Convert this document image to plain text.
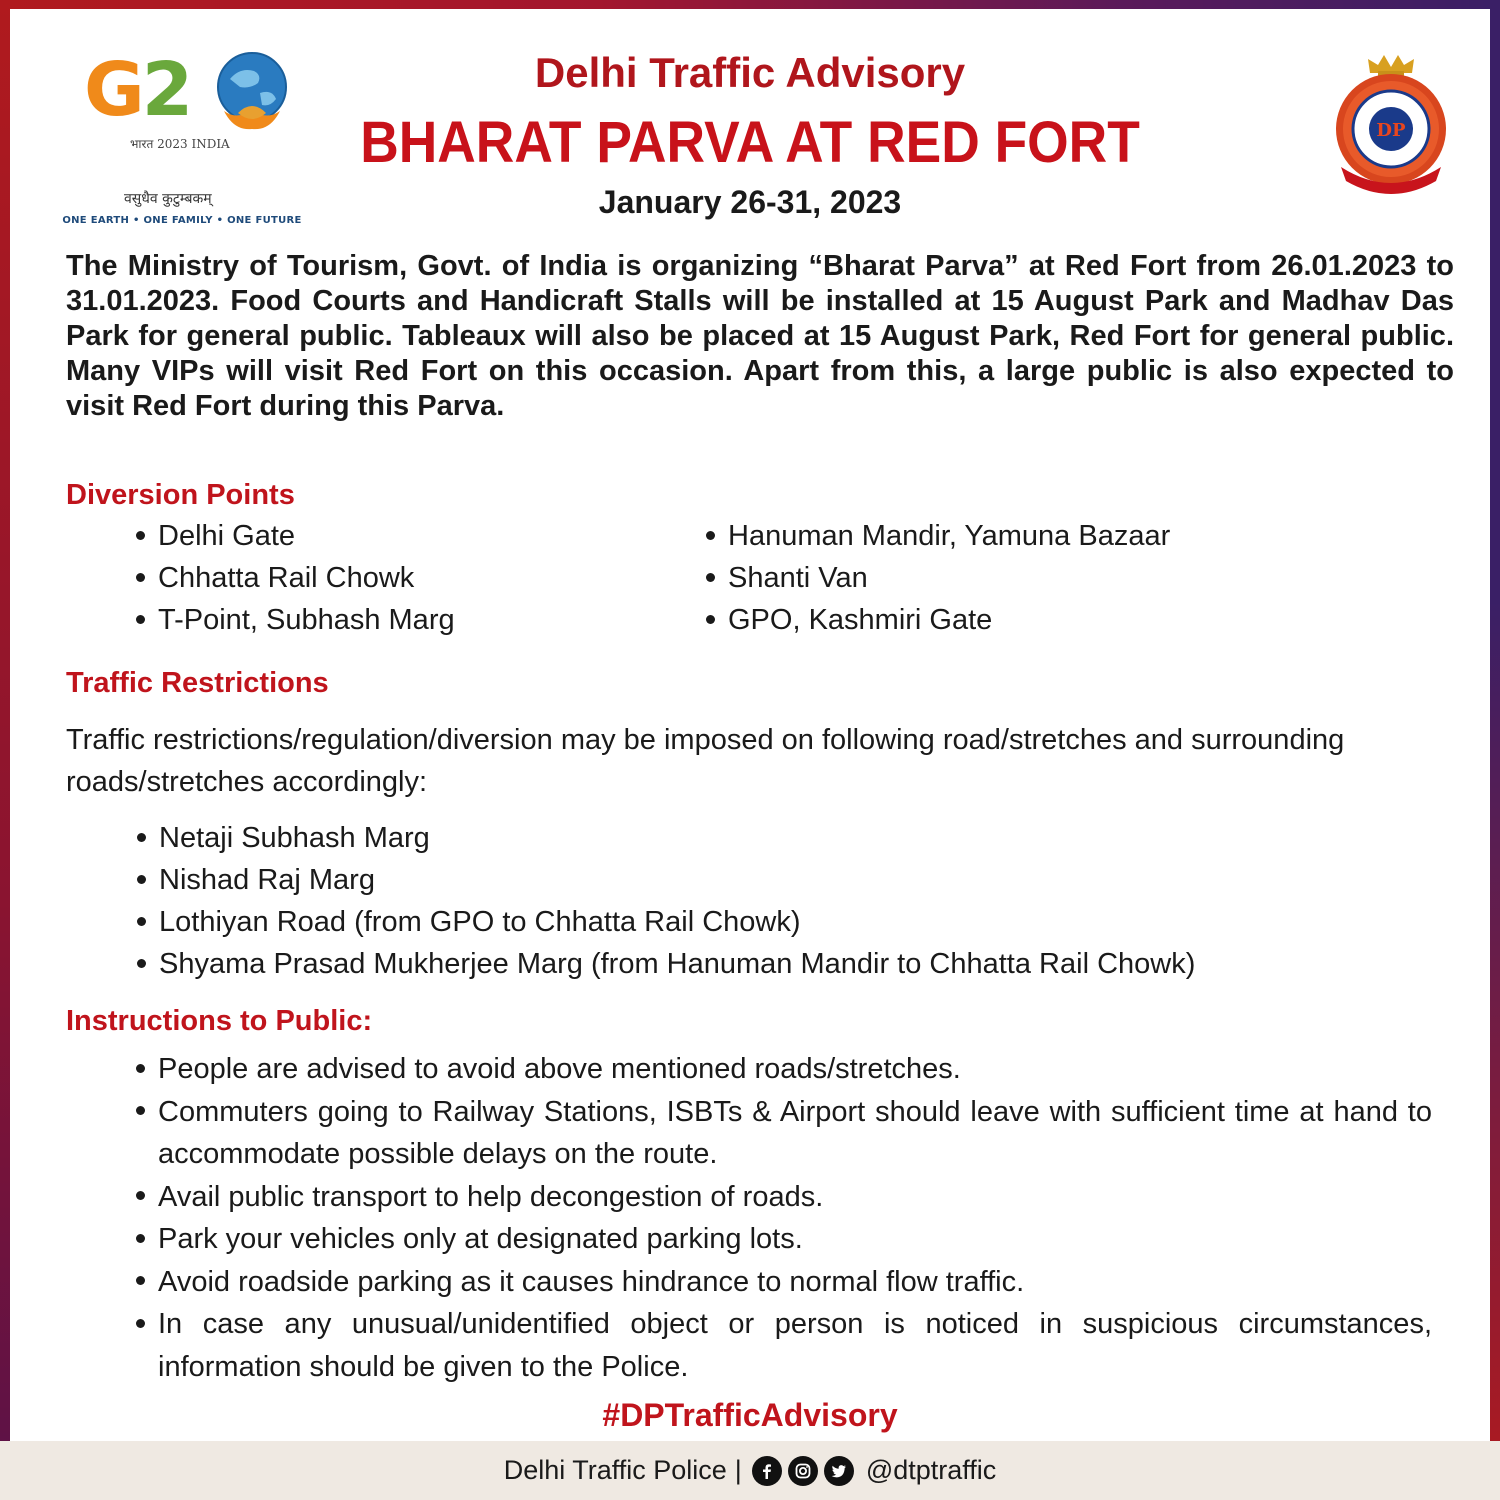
G2
भारत 2023 INDIA
वसुधैव कुटुम्बकम्
ONE EARTH • ONE FAMILY • ONE FUTURE
Delhi Traffic Advisory
BHARAT PARVA AT RED FORT
January 26-31, 2023
DP

The Ministry of Tourism, Govt. of India is organizing “Bharat Parva” at Red Fort from 26.01.2023 to 31.01.2023. Food Courts and Handicraft Stalls will be installed at 15 August Park and Madhav Das Park for general public. Tableaux will also be placed at 15 August Park, Red Fort for general public. Many VIPs will visit Red Fort on this occasion. Apart from this, a large public is also expected to visit Red Fort during this Parva.

Diversion Points
Delhi Gate
Chhatta Rail Chowk
T-Point, Subhash Marg
Hanuman Mandir, Yamuna Bazaar
Shanti Van
GPO, Kashmiri Gate
Traffic Restrictions

Traffic restrictions/regulation/diversion may be imposed on following road/stretches and surrounding roads/stretches accordingly:

Netaji Subhash Marg
Nishad Raj Marg
Lothiyan Road (from GPO to Chhatta Rail Chowk)
Shyama Prasad Mukherjee Marg (from Hanuman Mandir to Chhatta Rail Chowk)
Instructions to Public:
People are advised to avoid above mentioned roads/stretches.
Commuters going to Railway Stations, ISBTs & Airport should leave with sufficient time at hand to accommodate possible delays on the route.
Avail public transport to help decongestion of roads.
Park your vehicles only at designated parking lots.
Avoid roadside parking as it causes hindrance to normal flow traffic.
In case any unusual/unidentified object or person is noticed in suspicious circumstances, information should be given to the Police.
#DPTrafficAdvisory
Delhi Traffic Police |	@dtptraffic
